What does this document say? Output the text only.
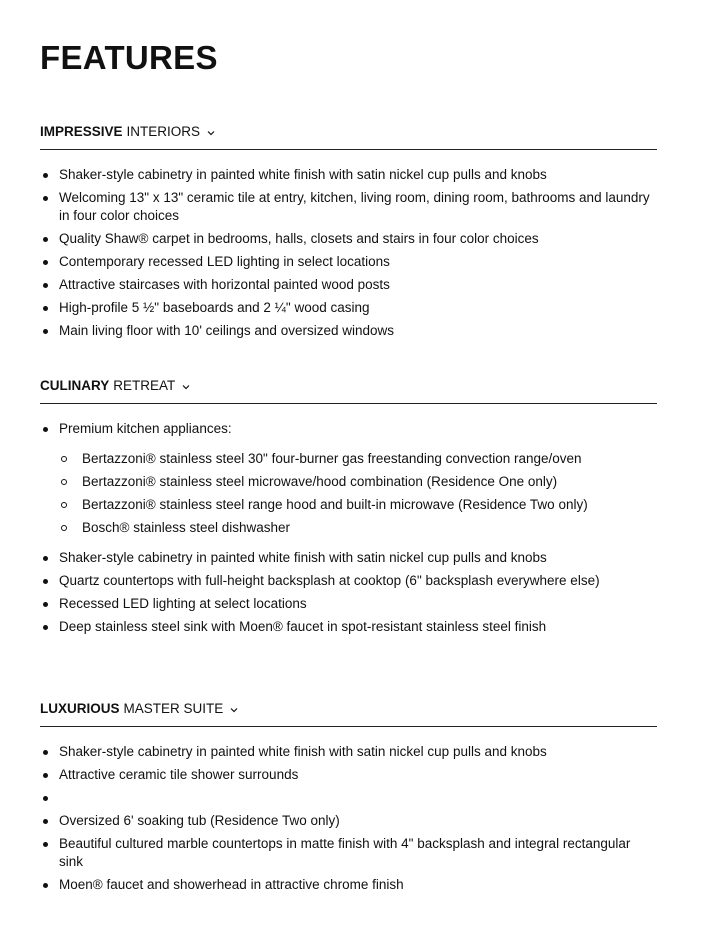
FEATURES
IMPRESSIVE INTERIORS
Shaker-style cabinetry in painted white finish with satin nickel cup pulls and knobs
Welcoming 13" x 13" ceramic tile at entry, kitchen, living room, dining room, bathrooms and laundry in four color choices
Quality Shaw® carpet in bedrooms, halls, closets and stairs in four color choices
Contemporary recessed LED lighting in select locations
Attractive staircases with horizontal painted wood posts
High-profile 5 ½" baseboards and 2 ¼" wood casing
Main living floor with 10' ceilings and oversized windows
CULINARY RETREAT
Premium kitchen appliances:
Bertazzoni® stainless steel 30" four-burner gas freestanding convection range/oven
Bertazzoni® stainless steel microwave/hood combination (Residence One only)
Bertazzoni® stainless steel range hood and built-in microwave (Residence Two only)
Bosch® stainless steel dishwasher
Shaker-style cabinetry in painted white finish with satin nickel cup pulls and knobs
Quartz countertops with full-height backsplash at cooktop (6" backsplash everywhere else)
Recessed LED lighting at select locations
Deep stainless steel sink with Moen® faucet in spot-resistant stainless steel finish
LUXURIOUS MASTER SUITE
Shaker-style cabinetry in painted white finish with satin nickel cup pulls and knobs
Attractive ceramic tile shower surrounds
Oversized 6' soaking tub (Residence Two only)
Beautiful cultured marble countertops in matte finish with 4" backsplash and integral rectangular sink
Moen® faucet and showerhead in attractive chrome finish
